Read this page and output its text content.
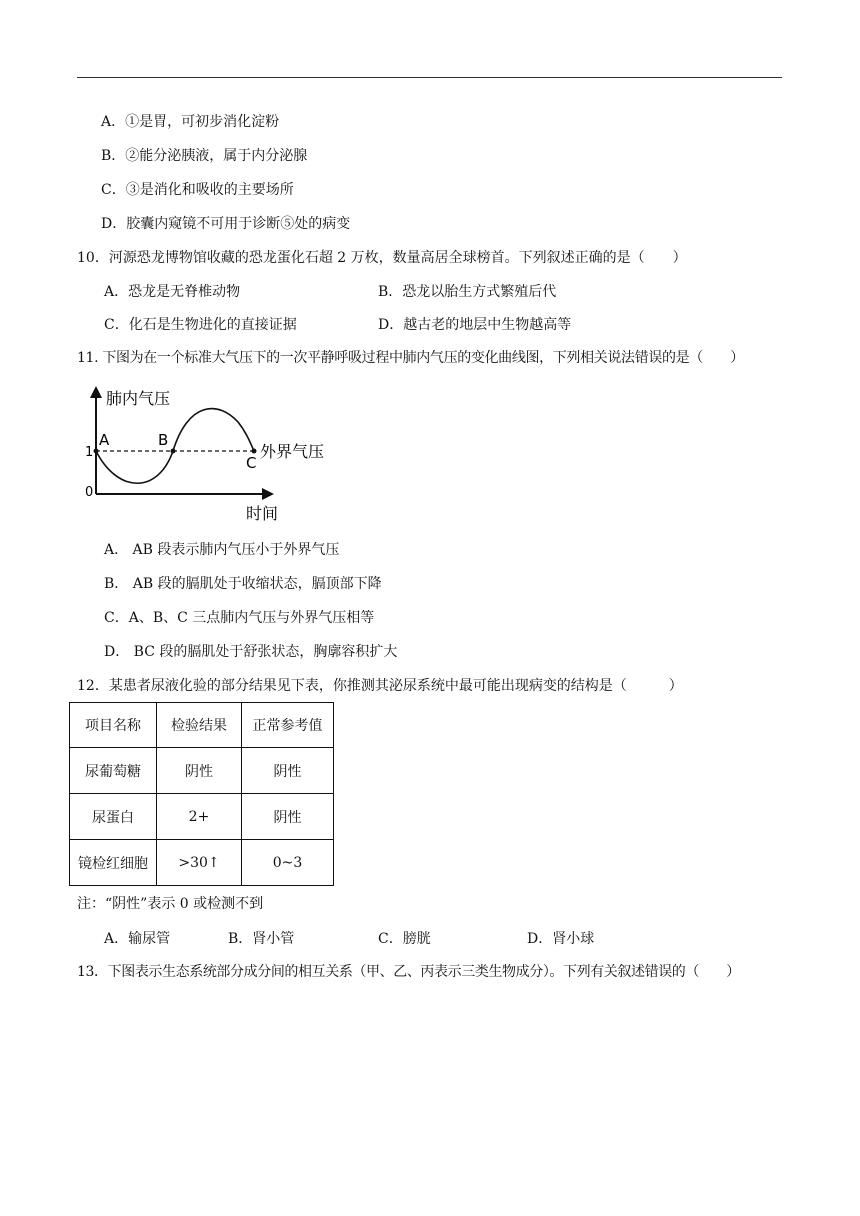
A．①是胃，可初步消化淀粉
B．②能分泌胰液，属于内分泌腺
C．③是消化和吸收的主要场所
D．胶囊内窥镜不可用于诊断⑤处的病变
10．河源恐龙博物馆收藏的恐龙蛋化石超 2 万枚，数量高居全球榜首。下列叙述正确的是（　　）
A．恐龙是无脊椎动物	B．恐龙以胎生方式繁殖后代
C．化石是生物进化的直接证据	D．越古老的地层中生物越高等
11. 下图为在一个标准大气压下的一次平静呼吸过程中肺内气压的变化曲线图，下列相关说法错误的是（　　）
肺内气压
1
0
A	B
C
外界气压
时间
A． AB 段表示肺内气压小于外界气压
B． AB 段的膈肌处于收缩状态，膈顶部下降
C．A、B、C 三点肺内气压与外界气压相等
D． BC 段的膈肌处于舒张状态，胸廓容积扩大
12．某患者尿液化验的部分结果见下表，你推测其泌尿系统中最可能出现病变的结构是（　　　）
项目名称	检验结果	正常参考值
尿葡萄糖	阴性	阴性
尿蛋白	2+	阴性
镜检红细胞	>30↑	0~3
注：“阴性”表示 0 或检测不到
A．输尿管	B．肾小管	C．膀胱	D．肾小球
13．下图表示生态系统部分成分间的相互关系（甲、乙、丙表示三类生物成分）。下列有关叙述错误的（　　）
